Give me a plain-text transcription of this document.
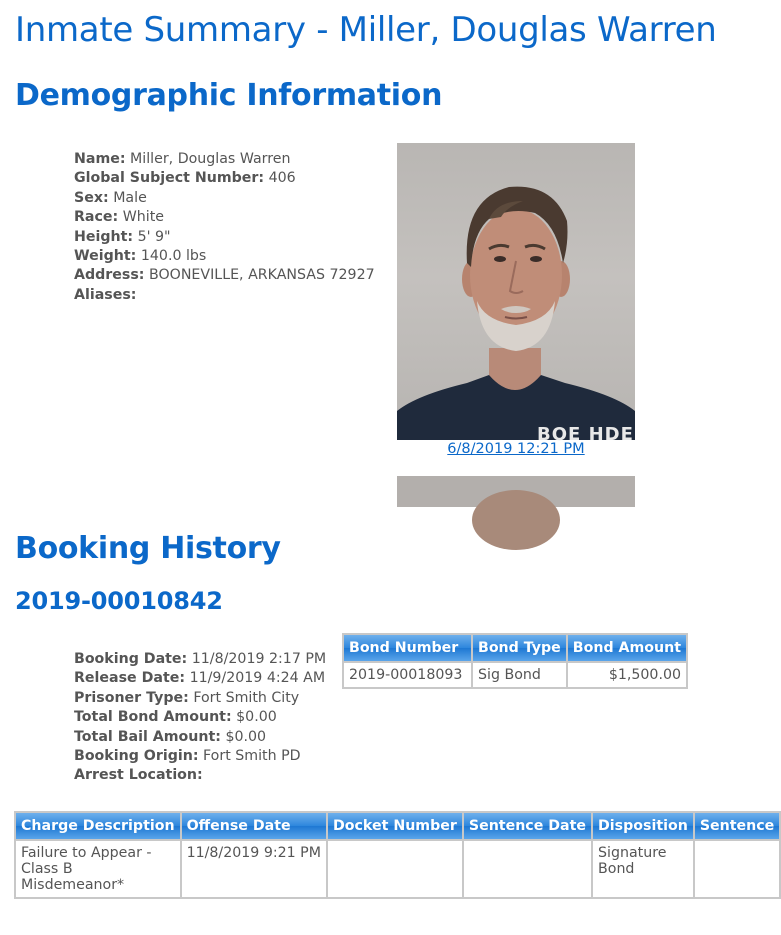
Inmate Summary - Miller, Douglas Warren
Demographic Information
Name: Miller, Douglas Warren
Global Subject Number: 406
Sex: Male
Race: White
Height: 5' 9"
Weight: 140.0 lbs
Address: BOONEVILLE, ARKANSAS 72927
Aliases:
BOE HDE
6/8/2019 12:21 PM
Booking History
2019-00010842
Booking Date: 11/8/2019 2:17 PM
Release Date: 11/9/2019 4:24 AM
Prisoner Type: Fort Smith City
Total Bond Amount: $0.00
Total Bail Amount: $0.00
Booking Origin: Fort Smith PD
Arrest Location:
Bond Number	Bond Type	Bond Amount
2019-00018093	Sig Bond	$1,500.00
Charge Description	Offense Date	Docket Number	Sentence Date	Disposition	Sentence
Failure to Appear - Class B Misdemeanor*	11/8/2019 9:21 PM			Signature Bond	
